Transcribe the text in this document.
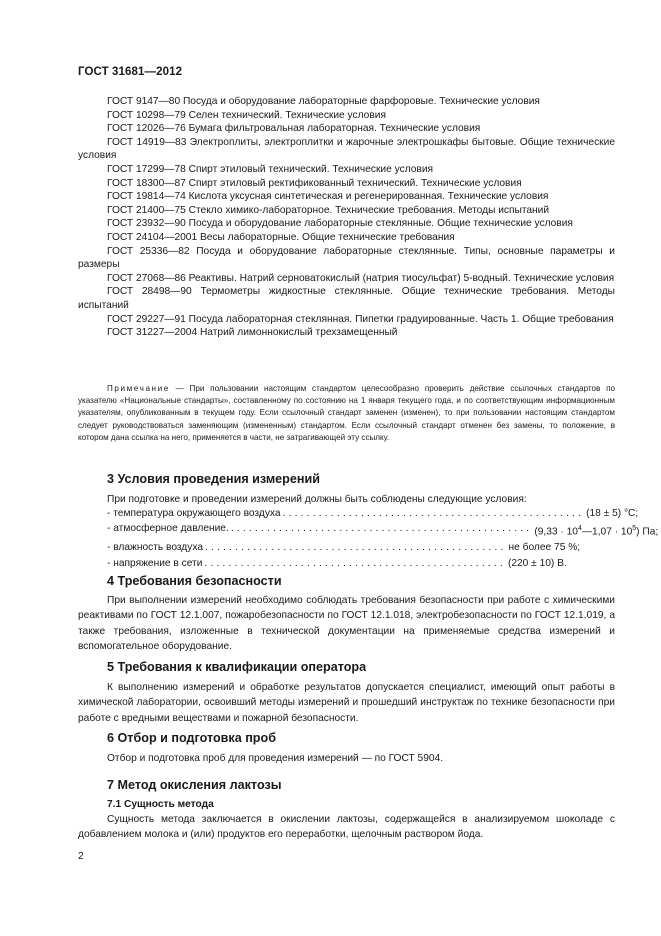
ГОСТ 31681—2012
ГОСТ 9147—80 Посуда и оборудование лабораторные фарфоровые. Технические условия
ГОСТ 10298—79 Селен технический. Технические условия
ГОСТ 12026—76 Бумага фильтровальная лабораторная. Технические условия
ГОСТ 14919—83 Электроплиты, электроплитки и жарочные электрошкафы бытовые. Общие технические условия
ГОСТ 17299—78 Спирт этиловый технический. Технические условия
ГОСТ 18300—87 Спирт этиловый ректификованный технический. Технические условия
ГОСТ 19814—74 Кислота уксусная синтетическая и регенерированная. Технические условия
ГОСТ 21400—75 Стекло химико-лабораторное. Технические требования. Методы испытаний
ГОСТ 23932—90 Посуда и оборудование лабораторные стеклянные. Общие технические условия
ГОСТ 24104—2001 Весы лабораторные. Общие технические требования
ГОСТ 25336—82 Посуда и оборудование лабораторные стеклянные. Типы, основные параметры и размеры
ГОСТ 27068—86 Реактивы. Натрий серноватокислый (натрия тиосульфат) 5-водный. Технические условия
ГОСТ 28498—90 Термометры жидкостные стеклянные. Общие технические требования. Методы испытаний
ГОСТ 29227—91 Посуда лабораторная стеклянная. Пипетки градуированные. Часть 1. Общие требования
ГОСТ 31227—2004 Натрий лимоннокислый трехзамещенный
Примечание — При пользовании настоящим стандартом целесообразно проверить действие ссылочных стандартов по указателю «Национальные стандарты», составленному по состоянию на 1 января текущего года, и по соответствующим информационным указателям, опубликованным в текущем году. Если ссылочный стандарт заменен (изменен), то при пользовании настоящим стандартом следует руководствоваться заменяющим (измененным) стандартом. Если ссылочный стандарт отменен без замены, то положение, в котором дана ссылка на него, применяется в части, не затрагивающей эту ссылку.
3 Условия проведения измерений
При подготовке и проведении измерений должны быть соблюдены следующие условия:
- температура окружающего воздуха .................................................. (18 ± 5) °С;
- атмосферное давление. .................................................. $(9,33 \cdot 10^4—1,07 \cdot 10^5)$ Па;
- влажность воздуха .................................................. не более 75 %;
- напряжение в сети .................................................. (220 ± 10) В.
4 Требования безопасности
При выполнении измерений необходимо соблюдать требования безопасности при работе с химическими реактивами по ГОСТ 12.1.007, пожаробезопасности по ГОСТ 12.1.018, электробезопасности по ГОСТ 12.1.019, а также требования, изложенные в технической документации на применяемые средства измерений и вспомогательное оборудование.
5 Требования к квалификации оператора
К выполнению измерений и обработке результатов допускается специалист, имеющий опыт работы в химической лаборатории, освоивший методы измерений и прошедший инструктаж по технике безопасности при работе с вредными веществами и пожарной безопасности.
6 Отбор и подготовка проб
Отбор и подготовка проб для проведения измерений — по ГОСТ 5904.
7 Метод окисления лактозы
7.1 Сущность метода
Сущность метода заключается в окислении лактозы, содержащейся в анализируемом шоколаде с добавлением молока и (или) продуктов его переработки, щелочным раствором йода.
2
